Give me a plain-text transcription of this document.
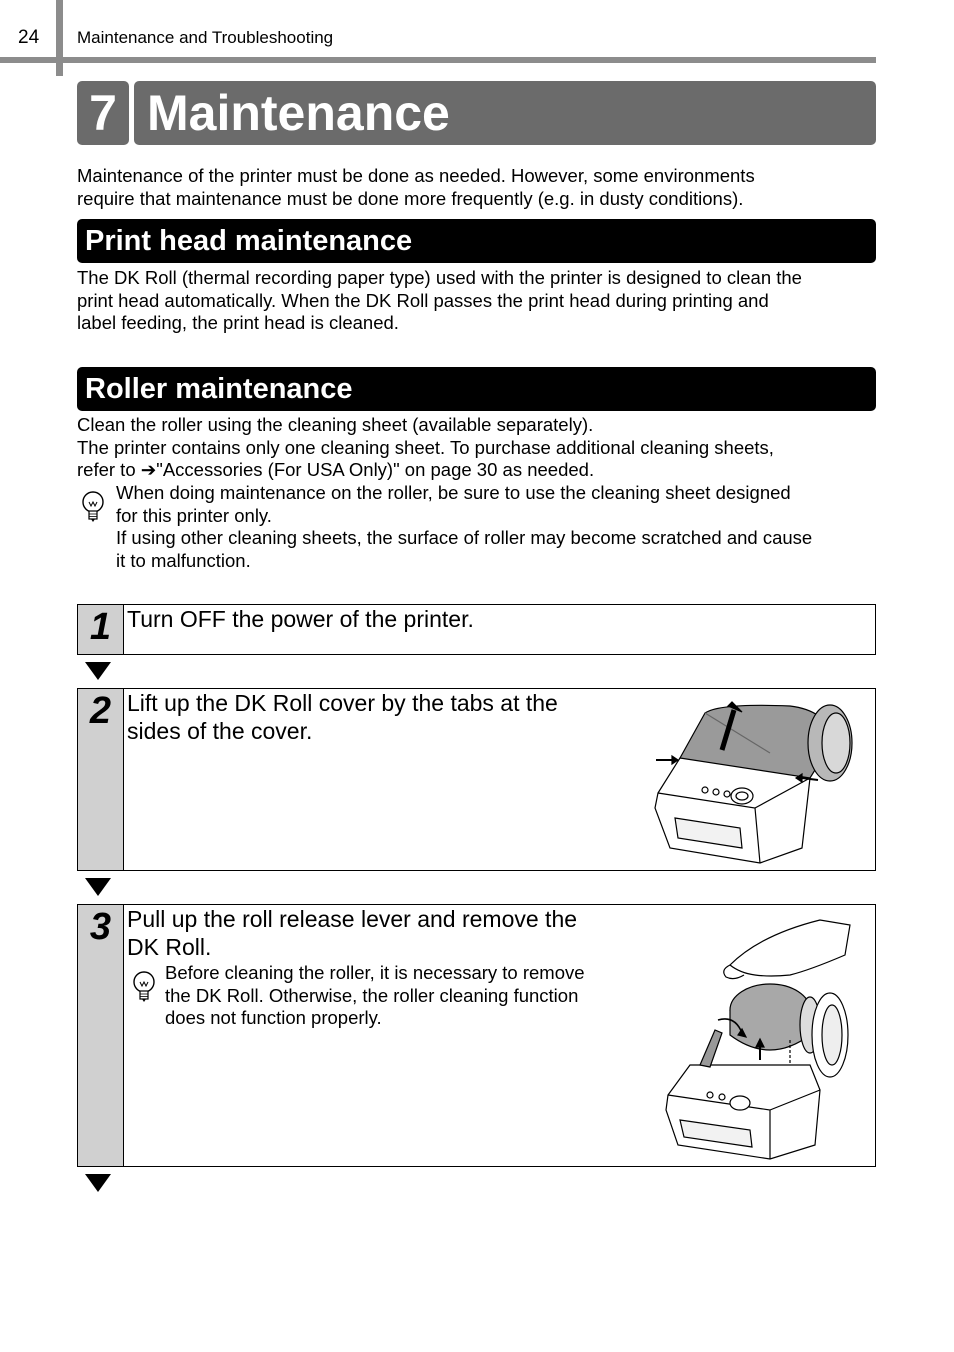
24 Maintenance and Troubleshooting
7 Maintenance

Maintenance of the printer must be done as needed. However, some environments

require that maintenance must be done more frequently (e.g. in dusty conditions).

Print head maintenance

The DK Roll (thermal recording paper type) used with the printer is designed to clean the

print head automatically. When the DK Roll passes the print head during printing and

label feeding, the print head is cleaned.

Roller maintenance

Clean the roller using the cleaning sheet (available separately).

The printer contains only one cleaning sheet. To purchase additional cleaning sheets,

refer to ➔"Accessories (For USA Only)" on page 30 as needed.

When doing maintenance on the roller, be sure to use the cleaning sheet designed

for this printer only.

If using other cleaning sheets, the surface of roller may become scratched and cause

it to malfunction.

1 Turn OFF the power of the printer.
2 Lift up the DK Roll cover by the tabs at the
sides of the cover.
3 Pull up the roll release lever and remove the
DK Roll.
Before cleaning the roller, it is necessary to remove
the DK Roll. Otherwise, the roller cleaning function
does not function properly.
